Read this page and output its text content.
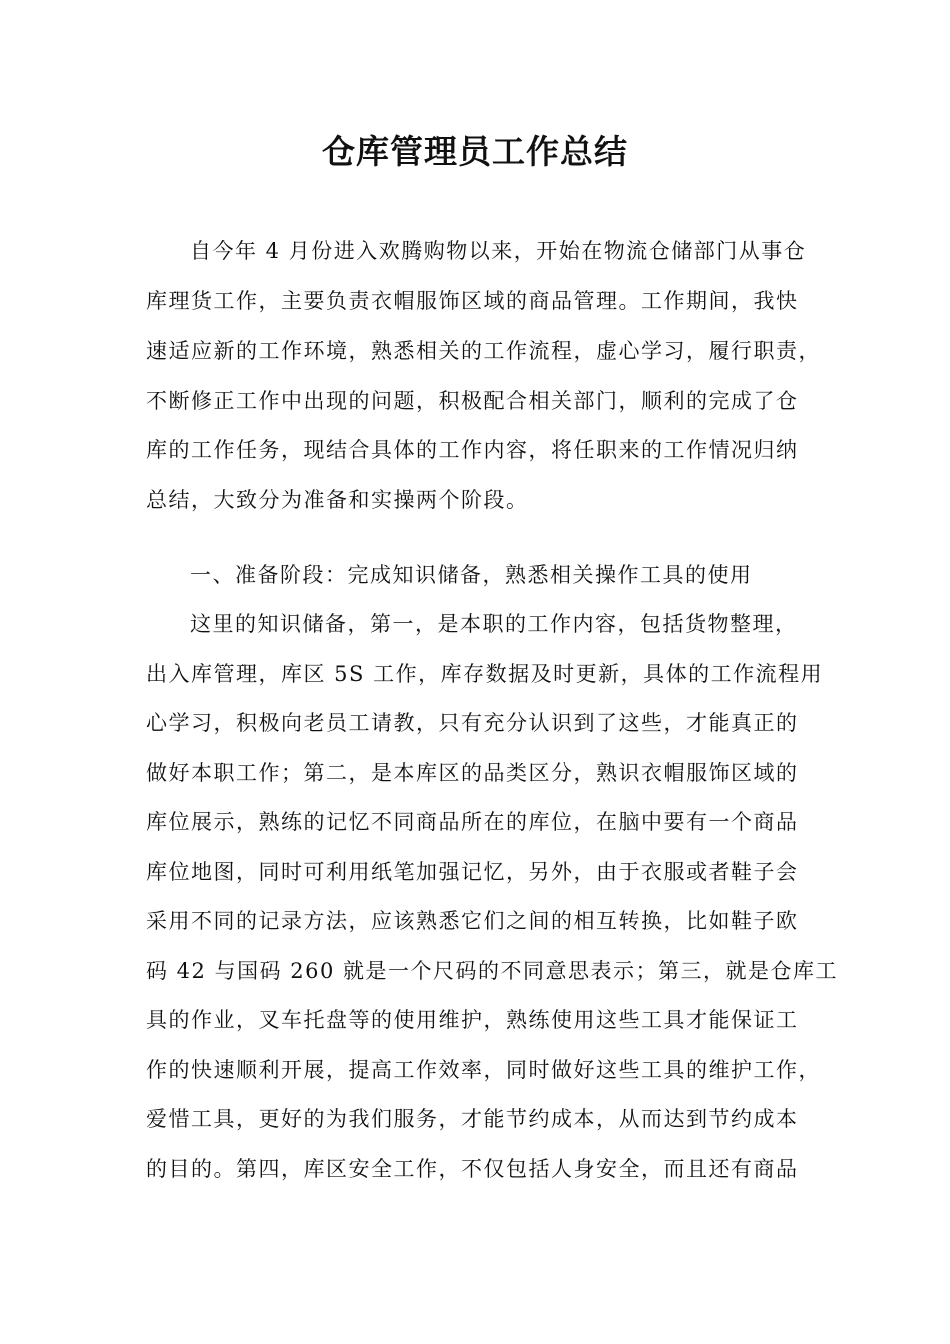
仓库管理员工作总结
自今年 4 月份进入欢腾购物以来，开始在物流仓储部门从事仓
库理货工作，主要负责衣帽服饰区域的商品管理。工作期间，我快
速适应新的工作环境，熟悉相关的工作流程，虚心学习，履行职责，
不断修正工作中出现的问题，积极配合相关部门，顺利的完成了仓
库的工作任务，现结合具体的工作内容，将任职来的工作情况归纳
总结，大致分为准备和实操两个阶段。
一、准备阶段：完成知识储备，熟悉相关操作工具的使用
这里的知识储备，第一，是本职的工作内容，包括货物整理，
出入库管理，库区 5S 工作，库存数据及时更新，具体的工作流程用
心学习，积极向老员工请教，只有充分认识到了这些，才能真正的
做好本职工作；第二，是本库区的品类区分，熟识衣帽服饰区域的
库位展示，熟练的记忆不同商品所在的库位，在脑中要有一个商品
库位地图，同时可利用纸笔加强记忆，另外，由于衣服或者鞋子会
采用不同的记录方法，应该熟悉它们之间的相互转换，比如鞋子欧
码 42 与国码 260 就是一个尺码的不同意思表示；第三，就是仓库工
具的作业，叉车托盘等的使用维护，熟练使用这些工具才能保证工
作的快速顺利开展，提高工作效率，同时做好这些工具的维护工作，
爱惜工具，更好的为我们服务，才能节约成本，从而达到节约成本
的目的。第四，库区安全工作，不仅包括人身安全，而且还有商品
